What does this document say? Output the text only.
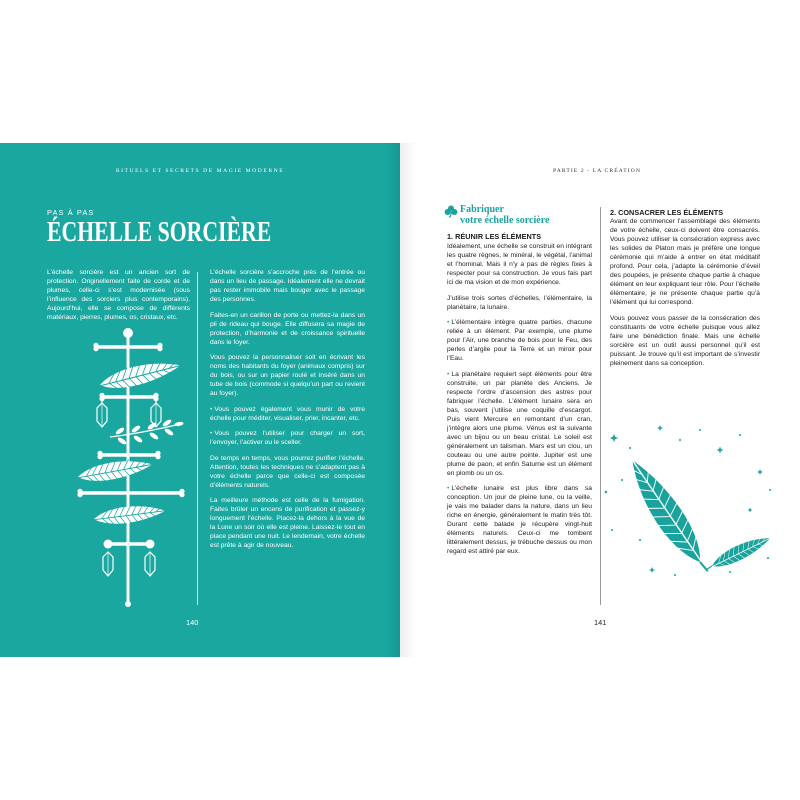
RITUELS ET SECRETS DE MAGIE MODERNE
PAS À PAS
ÉCHELLE SORCIÈRE

L’échelle sorcière est un ancien sort de protection. Originellement faite de corde et de plumes, celle-ci s’est modernisée (sous l’influence des sorciers plus contemporains). Aujourd’hui, elle se compose de différents matériaux, pierres, plumes, os, cristaux, etc.

L’échelle sorcière s’accroche près de l’entrée ou dans un lieu de passage. Idéalement elle ne devrait pas rester immobile mais bouger avec le passage des personnes.

Faites-en un carillon de porte ou mettez-la dans un pli de rideau qui bouge. Elle diffusera sa magie de protection, d’harmonie et de croissance spirituelle dans le foyer.

Vous pouvez la personnaliser soit en écrivant les noms des habitants du foyer (animaux compris) sur du bois, ou sur un papier roulé et inséré dans un tube de bois (commode si quelqu’un part ou revient au foyer).

• Vous pouvez également vous munir de votre échelle pour méditer, visualiser, prier, incanter, etc.

• Vous pouvez l’utiliser pour charger un sort, l’envoyer, l’activer ou le sceller.

De temps en temps, vous pourrez purifier l’échelle. Attention, toutes les techniques ne s’adaptent pas à votre échelle parce que celle-ci est composée d’éléments naturels.

La meilleure méthode est celle de la fumigation. Faites brûler un encens de purification et passez-y longuement l’échelle. Placez-la dehors à la vue de la Lune un soir où elle est pleine. Laissez-le tout en place pendant une nuit. Le lendemain, votre échelle est prête à agir de nouveau.

140
PARTIE 2 - LA CRÉATION
Fabriquer
votre échelle sorcière
1. RÉUNIR LES ÉLÉMENTS

Idéalement, une échelle se construit en intégrant les quatre règnes, le minéral, le végétal, l’animal et l’hominal. Mais il n’y a pas de règles fixes à respecter pour sa construction. Je vous fais part ici de ma vision et de mon expérience.

J’utilise trois sortes d’échelles, l’élémentaire, la planétaire, la lunaire.

• L’élémentaire intègre quatre parties, chacune reliée à un élément. Par exemple, une plume pour l’Air, une branche de bois pour le Feu, des perles d’argile pour la Terre et un miroir pour l’Eau.

• La planétaire requiert sept éléments pour être construite, un par planète des Anciens. Je respecte l’ordre d’ascension des astres pour fabriquer l’échelle. L’élément lunaire sera en bas, souvent j’utilise une coquille d’escargot. Puis vient Mercure en remontant d’un cran, j’intègre alors une plume. Vénus est la suivante avec un bijou ou un beau cristal. Le soleil est généralement un talisman. Mars est un clou, un couteau ou une autre pointe. Jupiter est une plume de paon, et enfin Saturne est un élément en plomb ou un os.

• L’échelle lunaire est plus libre dans sa conception. Un jour de pleine lune, ou la veille, je vais me balader dans la nature, dans un lieu riche en énergie, généralement le matin très tôt. Durant cette balade je récupère vingt-huit éléments naturels. Ceux-ci me tombent littéralement dessus, je trébuche dessus ou mon regard est attiré par eux.

2. CONSACRER LES ÉLÉMENTS

Avant de commencer l’assemblage des éléments de votre échelle, ceux-ci doivent être consacrés. Vous pouvez utiliser la consécration express avec les solides de Platon mais je préfère une longue cérémonie qui m’aide à entrer en état méditatif profond. Pour cela, j’adapte la cérémonie d’éveil des poupées, je présente chaque partie à chaque élément en leur expliquant leur rôle. Pour l’échelle élémentaire, je ne présente chaque partie qu’à l’élément qui lui correspond.

Vous pouvez vous passer de la consécration des constituants de votre échelle puisque vous allez faire une bénédiction finale. Mais une échelle sorcière est un outil aussi personnel qu’il est puissant. Je trouve qu’il est important de s’investir pleinement dans sa conception.

141
